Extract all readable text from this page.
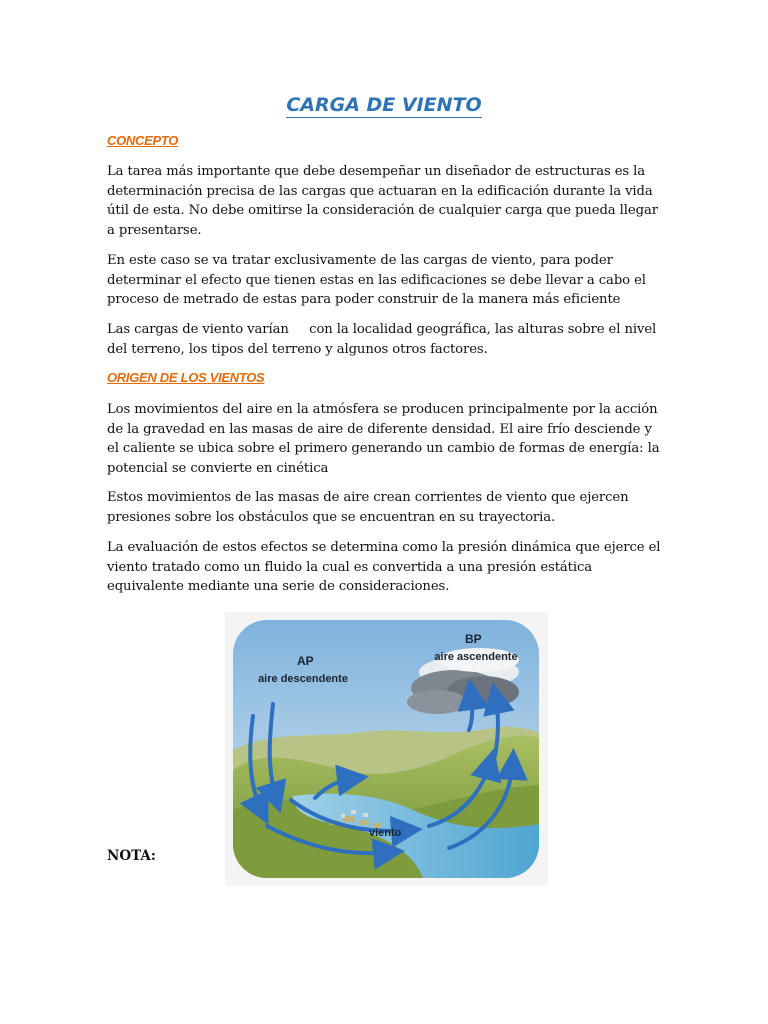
CARGA DE VIENTO

CONCEPTO

La tarea más importante que debe desempeñar un diseñador de estructuras es la determinación precisa de las cargas que actuaran en la edificación durante la vida útil de esta. No debe omitirse la consideración de cualquier carga que pueda llegar a presentarse.

En este caso se va tratar exclusivamente de las cargas de viento, para poder determinar el efecto que tienen estas en las edificaciones se debe llevar a cabo el proceso de metrado de estas para poder construir de la manera más eficiente

Las cargas de viento varían     con la localidad geográfica, las alturas sobre el nivel del terreno, los tipos del terreno y algunos otros factores.

ORIGEN DE LOS VIENTOS

Los movimientos del aire en la atmósfera se producen principalmente por la acción de la gravedad en las masas de aire de diferente densidad. El aire frío desciende y el caliente se ubica sobre el primero generando un cambio de formas de energía: la potencial se convierte en cinética

Estos movimientos de las masas de aire crean corrientes de viento que ejercen presiones sobre los obstáculos que se encuentran en su trayectoria.

La evaluación de estos efectos se determina como la presión dinámica que ejerce el viento tratado como un fluido la cual es convertida a una presión estática equivalente mediante una serie de consideraciones.

AP
aire descendente
BP
aire ascendente
viento

NOTA:
